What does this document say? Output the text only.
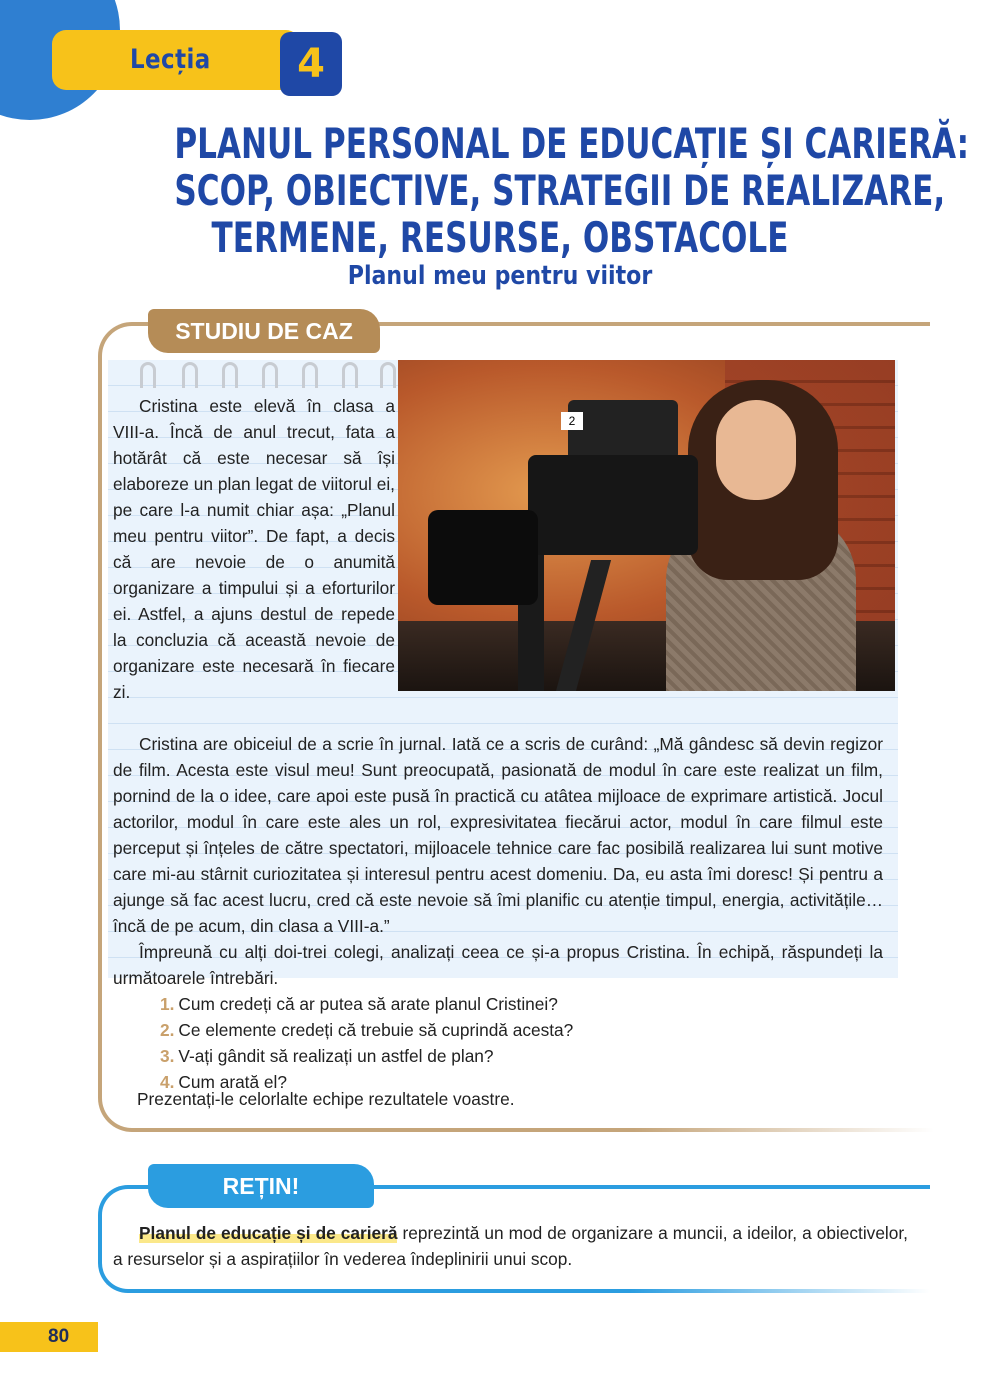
Lecția	4
PLANUL PERSONAL DE EDUCAȚIE ȘI CARIERĂ:
SCOP, OBIECTIVE, STRATEGII DE REALIZARE,
TERMENE, RESURSE, OBSTACOLE
Planul meu pentru viitor
STUDIU DE CAZ
2

Cristina este elevă în clasa a VIII-a. Încă de anul trecut, fata a hotărât că este necesar să își elaboreze un plan legat de viitorul ei, pe care l-a numit chiar așa: „Planul meu pentru viitor”. De fapt, a decis că are nevoie de o anumită organizare a timpului și a eforturilor ei. Astfel, a ajuns destul de repede la concluzia că această nevoie de organizare este necesară în fiecare zi.

Cristina are obiceiul de a scrie în jurnal. Iată ce a scris de curând: „Mă gândesc să devin regizor de film. Acesta este visul meu! Sunt preocupată, pasionată de modul în care este realizat un film, pornind de la o idee, care apoi este pusă în practică cu atâtea mijloace de exprimare artistică. Jocul actorilor, modul în care este ales un rol, expresivitatea fiecărui actor, modul în care filmul este perceput și înțeles de către spectatori, mijloacele tehnice care fac posibilă realizarea lui sunt motive care mi-au stârnit curiozitatea și interesul pentru acest domeniu. Da, eu asta îmi doresc! Și pentru a ajunge să fac acest lucru, cred că este nevoie să îmi planific cu atenție timpul, energia, activitățile… încă de pe acum, din clasa a VIII-a.”

Împreună cu alți doi-trei colegi, analizați ceea ce și-a propus Cristina. În echipă, răspundeți la următoarele întrebări.

1. Cum credeți că ar putea să arate planul Cristinei?
2. Ce elemente credeți că trebuie să cuprindă acesta?
3. V-ați gândit să realizați un astfel de plan?
4. Cum arată el?

Prezentați-le celorlalte echipe rezultatele voastre.

REȚIN!

Planul de educație și de carieră reprezintă un mod de organizare a muncii, a ideilor, a obiectivelor, a resurselor și a aspirațiilor în vederea îndeplinirii unui scop.

80
